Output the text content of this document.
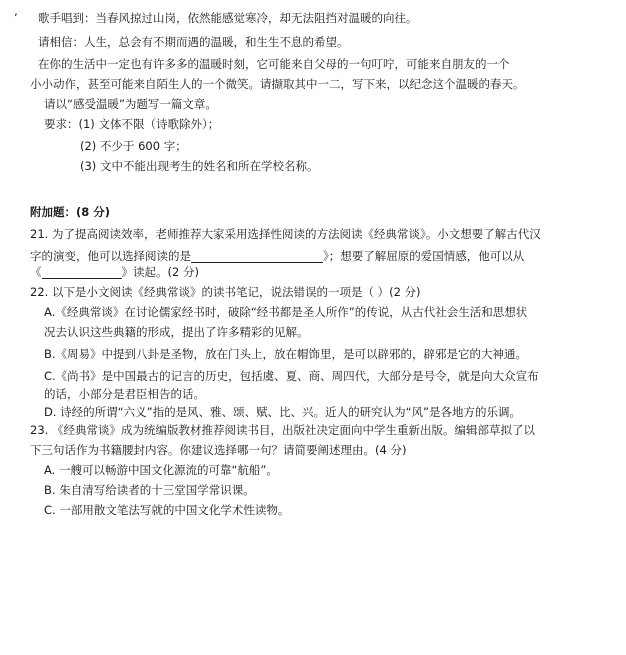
’ 歌手唱到：当春风掠过山岗，依然能感觉寒冷，却无法阻挡对温暖的向往。
请相信：人生，总会有不期而遇的温暖，和生生不息的希望。
在你的生活中一定也有许多多的温暖时刻，它可能来自父母的一句叮咛，可能来自朋友的一个
小小动作，甚至可能来自陌生人的一个微笑。请撷取其中一二，写下来，以纪念这个温暖的春天。
请以“感受温暖”为题写一篇文章。
要求：(1) 文体不限（诗歌除外）；
(2) 不少于 600 字；
(3) 文中不能出现考生的姓名和所在学校名称。
附加题：(8 分)
21. 为了提高阅读效率，老师推荐大家采用选择性阅读的方法阅读《经典常谈》。小文想要了解古代汉
字的演变，他可以选择阅读的是	》；想要了解屈原的爱国情感，他可以从
《	》读起。(2 分)
22. 以下是小文阅读《经典常谈》的读书笔记，说法错误的一项是（ ）(2 分)
A.《经典常谈》在讨论儒家经书时，破除“经书都是圣人所作”的传说，从古代社会生活和思想状
况去认识这些典籍的形成，提出了许多精彩的见解。
B.《周易》中提到八卦是圣物，放在门头上，放在帽饰里，是可以辟邪的，辟邪是它的大神通。
C.《尚书》是中国最古的记言的历史，包括虞、夏、商、周四代，大部分是号令，就是向大众宣布
的话，小部分是君臣相告的话。
D. 诗经的所谓“六义”指的是风、雅、颂、赋、比、兴。近人的研究认为“风”是各地方的乐调。
23. 《经典常谈》成为统编版教材推荐阅读书目，出版社决定面向中学生重新出版。编辑部草拟了以
下三句话作为书籍腰封内容。你建议选择哪一句？请简要阐述理由。(4 分)
A. 一艘可以畅游中国文化源流的可靠“航船”。
B. 朱自清写给读者的十三堂国学常识课。
C. 一部用散文笔法写就的中国文化学术性读物。
